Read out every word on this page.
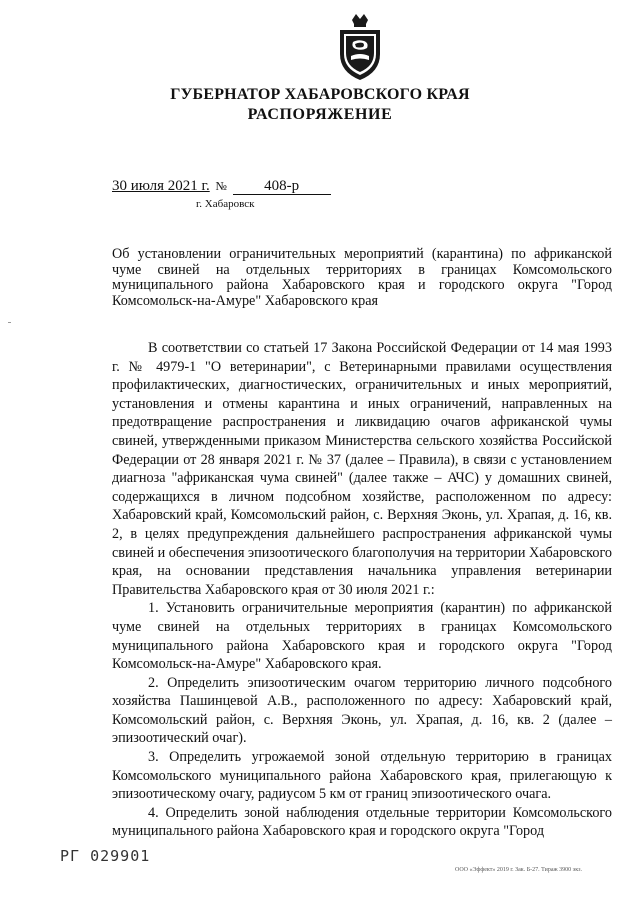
ГУБЕРНАТОР ХАБАРОВСКОГО КРАЯ
РАСПОРЯЖЕНИЕ
30 июля 2021 г. № 408-р
г. Хабаровск
Об установлении ограничительных мероприятий (карантина) по африканской чуме свиней на отдельных территориях в границах Комсомольского муниципального района Хабаровского края и городского округа "Город Комсомольск-на-Амуре" Хабаровского края

В соответствии со статьей 17 Закона Российской Федерации от 14 мая 1993 г. № 4979-1 "О ветеринарии", с Ветеринарными правилами осуществления профилактических, диагностических, ограничительных и иных мероприятий, установления и отмены карантина и иных ограничений, направленных на предотвращение распространения и ликвидацию очагов африканской чумы свиней, утвержденными приказом Министерства сельского хозяйства Российской Федерации от 28 января 2021 г. № 37 (далее – Правила), в связи с установлением диагноза "африканская чума свиней" (далее также – АЧС) у домашних свиней, содержащихся в личном подсобном хозяйстве, расположенном по адресу: Хабаровский край, Комсомольский район, с. Верхняя Эконь, ул. Храпая, д. 16, кв. 2, в целях предупреждения дальнейшего распространения африканской чумы свиней и обеспечения эпизоотического благополучия на территории Хабаровского края, на основании представления начальника управления ветеринарии Правительства Хабаровского края от 30 июля 2021 г.:

1. Установить ограничительные мероприятия (карантин) по африканской чуме свиней на отдельных территориях в границах Комсомольского муниципального района Хабаровского края и городского округа "Город Комсомольск-на-Амуре" Хабаровского края.

2. Определить эпизоотическим очагом территорию личного подсобного хозяйства Пашинцевой А.В., расположенного по адресу: Хабаровский край, Комсомольский район, с. Верхняя Эконь, ул. Храпая, д. 16, кв. 2 (далее – эпизоотический очаг).

3. Определить угрожаемой зоной отдельную территорию в границах Комсомольского муниципального района Хабаровского края, прилегающую к эпизоотическому очагу, радиусом 5 км от границ эпизоотического очага.

4. Определить зоной наблюдения отдельные территории Комсомольского муниципального района Хабаровского края и городского округа "Город

РГ 029901
ООО «Эффект» 2019 г. Зак. Б-27. Тираж 3900 экз.
